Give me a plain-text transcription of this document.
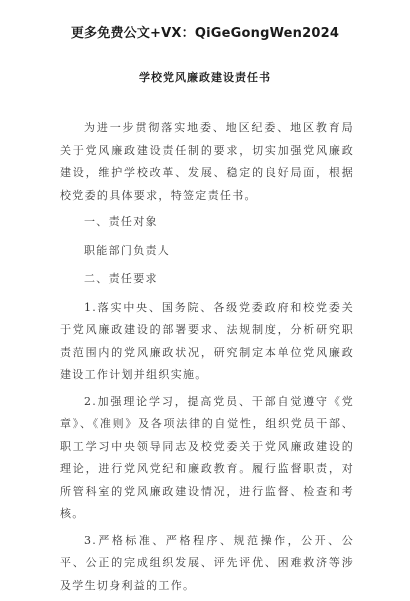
更多免费公文+VX：QiGeGongWen2024
学校党风廉政建设责任书

为进一步贯彻落实地委、地区纪委、地区教育局关于党风廉政建设责任制的要求，切实加强党风廉政建设，维护学校改革、发展、稳定的良好局面，根据校党委的具体要求，特签定责任书。

一、责任对象

职能部门负责人

二、责任要求

1.落实中央、国务院、各级党委政府和校党委关于党风廉政建设的部署要求、法规制度，分析研究职责范围内的党风廉政状况，研究制定本单位党风廉政建设工作计划并组织实施。

2.加强理论学习，提高党员、干部自觉遵守《党章》、《准则》及各项法律的自觉性，组织党员干部、职工学习中央领导同志及校党委关于党风廉政建设的理论，进行党风党纪和廉政教育。履行监督职责，对所管科室的党风廉政建设情况，进行监督、检查和考核。

3.严格标准、严格程序、规范操作，公开、公平、公正的完成组织发展、评先评优、困难救济等涉及学生切身利益的工作。
